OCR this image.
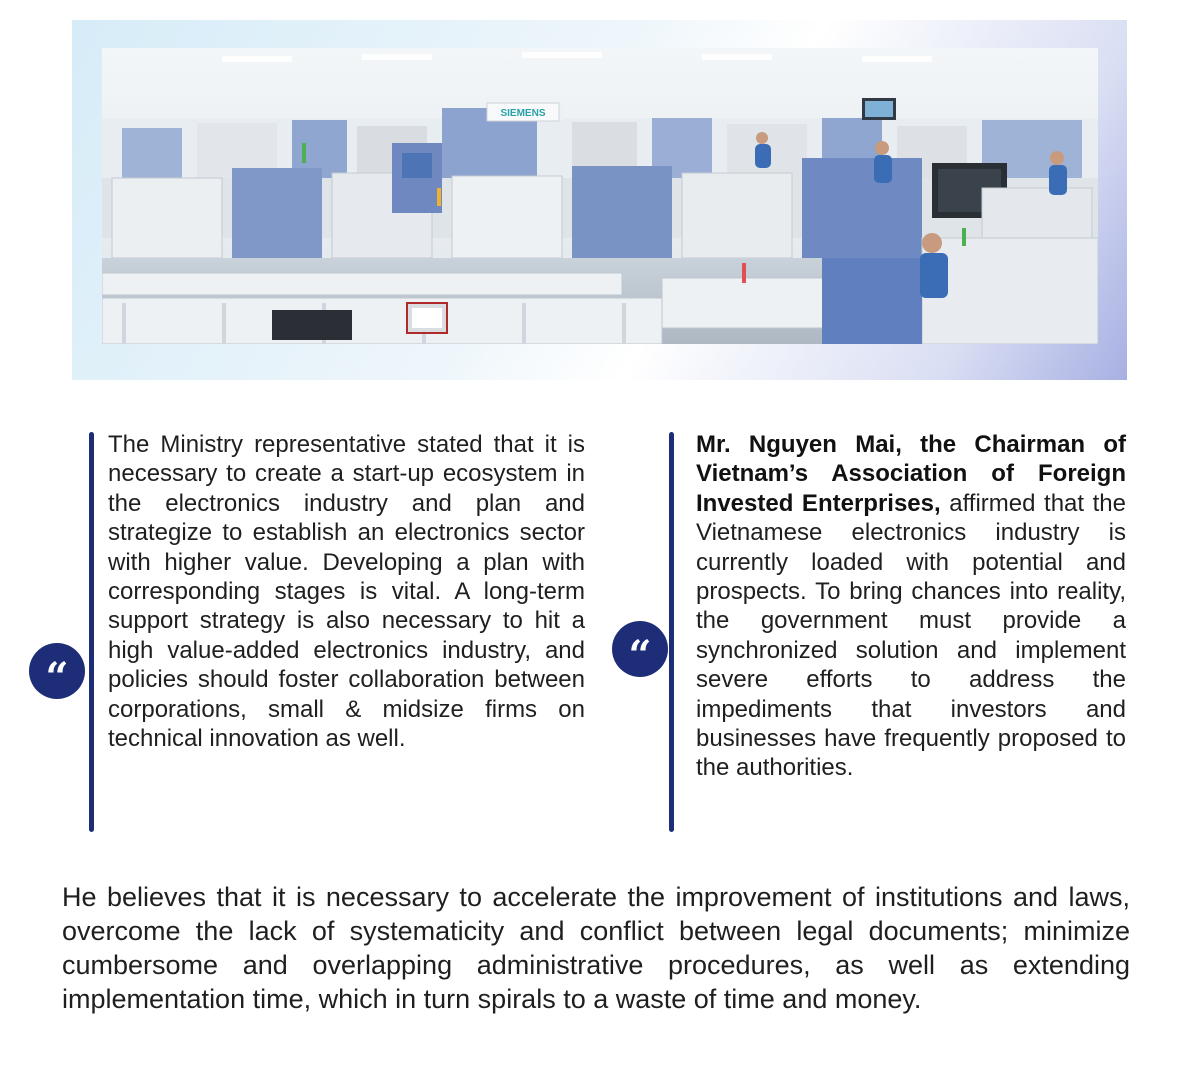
SIEMENS
“

The Ministry representative stated that it is necessary to create a start-up ecosystem in the electronics industry and plan and strategize to establish an electronics sector with higher value. Developing a plan with corresponding stages is vital. A long-term support strategy is also necessary to hit a high value-added electronics industry, and policies should foster collaboration between corporations, small & midsize firms on technical innovation as well.

“

Mr. Nguyen Mai, the Chairman of Vietnam’s Association of Foreign Invested Enterprises, affirmed that the Vietnamese electronics industry is currently loaded with potential and prospects. To bring chances into reality, the government must provide a synchronized solution and implement severe efforts to address the impediments that investors and businesses have frequently proposed to the authorities.

He believes that it is necessary to accelerate the improvement of institutions and laws, overcome the lack of systematicity and conflict between legal documents; minimize cumbersome and overlapping administrative procedures, as well as extending implementation time, which in turn spirals to a waste of time and money.
